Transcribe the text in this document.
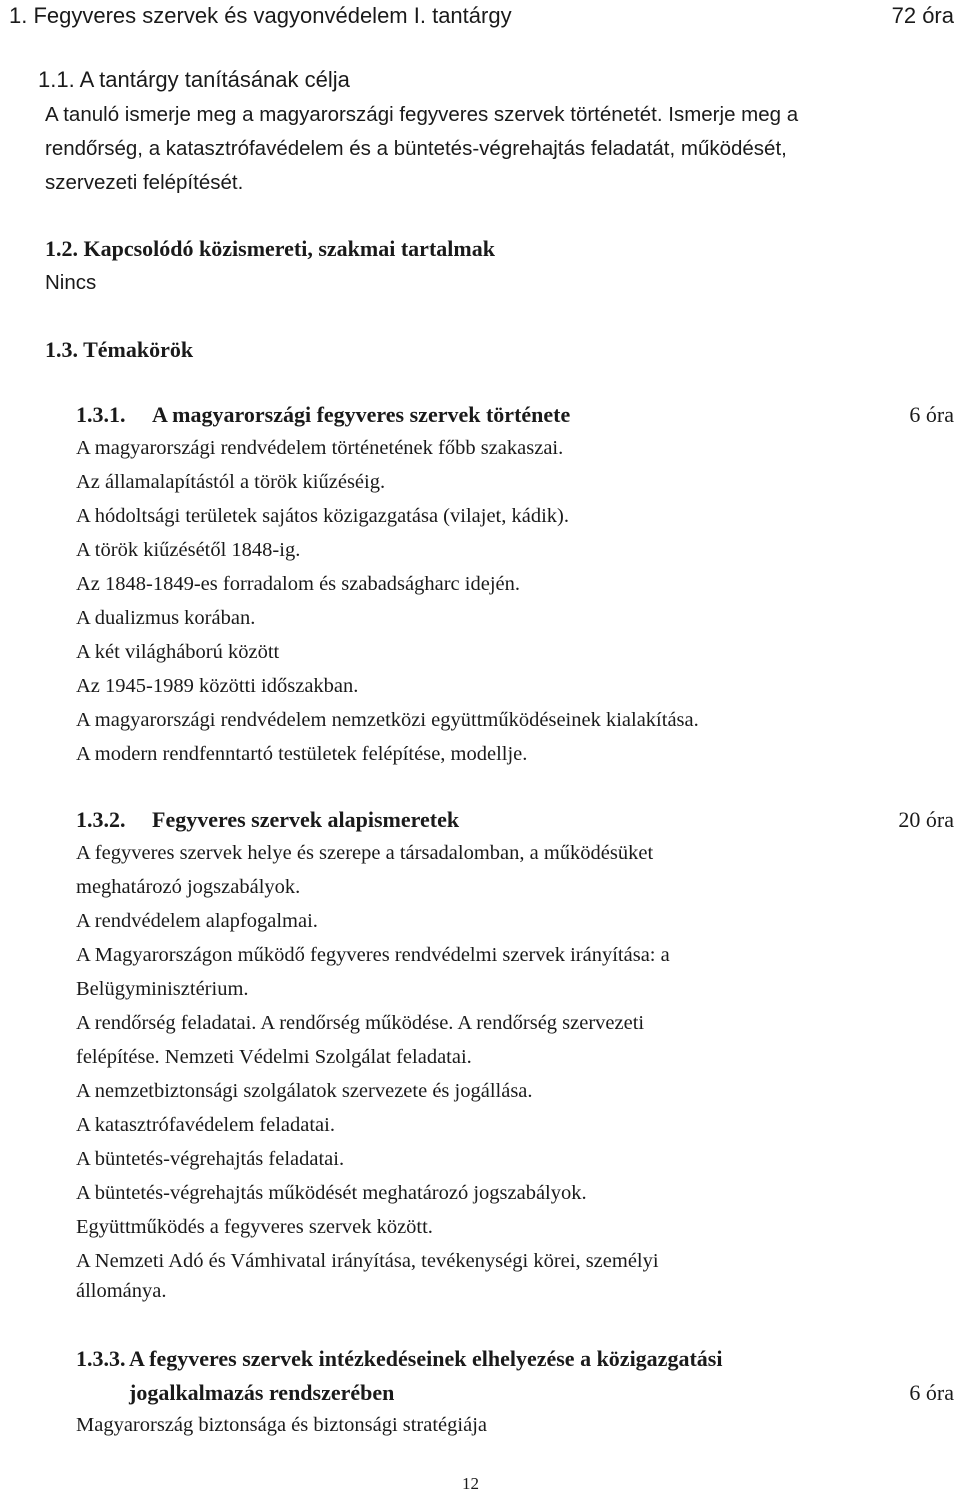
1. Fegyveres szervek és vagyonvédelem I. tantárgy	72 óra
1.1. A tantárgy tanításának célja
A tanuló ismerje meg a magyarországi fegyveres szervek történetét. Ismerje meg a
rendőrség, a katasztrófavédelem és a büntetés-végrehajtás feladatát, működését,
szervezeti felépítését.
1.2. Kapcsolódó közismereti, szakmai tartalmak
Nincs
1.3. Témakörök
1.3.1. A magyarországi fegyveres szervek története	6 óra
A magyarországi rendvédelem történetének főbb szakaszai.
Az államalapítástól a török kiűzéséig.
A hódoltsági területek sajátos közigazgatása (vilajet, kádik).
A török kiűzésétől 1848-ig.
Az 1848-1849-es forradalom és szabadságharc idején.
A dualizmus korában.
A két világháború között
Az 1945-1989 közötti időszakban.
A magyarországi rendvédelem nemzetközi együttműködéseinek kialakítása.
A modern rendfenntartó testületek felépítése, modellje.
1.3.2. Fegyveres szervek alapismeretek	20 óra
A fegyveres szervek helye és szerepe a társadalomban, a működésüket
meghatározó jogszabályok.
A rendvédelem alapfogalmai.
A Magyarországon működő fegyveres rendvédelmi szervek irányítása: a
Belügyminisztérium.
A rendőrség feladatai. A rendőrség működése. A rendőrség szervezeti
felépítése. Nemzeti Védelmi Szolgálat feladatai.
A nemzetbiztonsági szolgálatok szervezete és jogállása.
A katasztrófavédelem feladatai.
A büntetés-végrehajtás feladatai.
A büntetés-végrehajtás működését meghatározó jogszabályok.
Együttműködés a fegyveres szervek között.
A Nemzeti Adó és Vámhivatal irányítása, tevékenységi körei, személyi
állománya.
1.3.3. A fegyveres szervek intézkedéseinek elhelyezése a közigazgatási
jogalkalmazás rendszerében	6 óra
Magyarország biztonsága és biztonsági stratégiája
12
